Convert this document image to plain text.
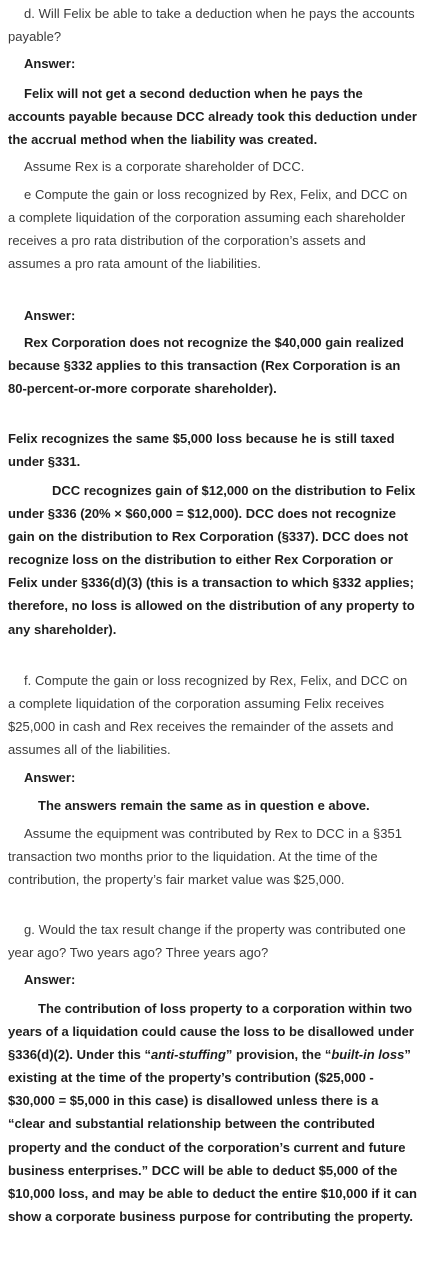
d. Will Felix be able to take a deduction when he pays the accounts payable?

Answer:

Felix will not get a second deduction when he pays the accounts payable because DCC already took this deduction under the accrual method when the liability was created.

Assume Rex is a corporate shareholder of DCC.

e Compute the gain or loss recognized by Rex, Felix, and DCC on a complete liquidation of the corporation assuming each shareholder receives a pro rata distribution of the corporation’s assets and assumes a pro rata amount of the liabilities.

Answer:

Rex Corporation does not recognize the $40,000 gain realized because §332 applies to this transaction (Rex Corporation is an 80-percent-or-more corporate shareholder).

Felix recognizes the same $5,000 loss because he is still taxed under §331.

DCC recognizes gain of $12,000 on the distribution to Felix under §336 (20% × $60,000 = $12,000). DCC does not recognize gain on the distribution to Rex Corporation (§337). DCC does not recognize loss on the distribution to either Rex Corporation or Felix under §336(d)(3) (this is a transaction to which §332 applies; therefore, no loss is allowed on the distribution of any property to any shareholder).

f. Compute the gain or loss recognized by Rex, Felix, and DCC on a complete liquidation of the corporation assuming Felix receives $25,000 in cash and Rex receives the remainder of the assets and assumes all of the liabilities.

Answer:

The answers remain the same as in question e above.

Assume the equipment was contributed by Rex to DCC in a §351 transaction two months prior to the liquidation. At the time of the contribution, the property’s fair market value was $25,000.

g. Would the tax result change if the property was contributed one year ago? Two years ago? Three years ago?

Answer:

The contribution of loss property to a corporation within two years of a liquidation could cause the loss to be disallowed under §336(d)(2). Under this “anti-stuffing” provision, the “built-in loss” existing at the time of the property’s contribution ($25,000 - $30,000 = $5,000 in this case) is disallowed unless there is a “clear and substantial relationship between the contributed property and the conduct of the corporation’s current and future business enterprises.” DCC will be able to deduct $5,000 of the $10,000 loss, and may be able to deduct the entire $10,000 if it can show a corporate business purpose for contributing the property.
